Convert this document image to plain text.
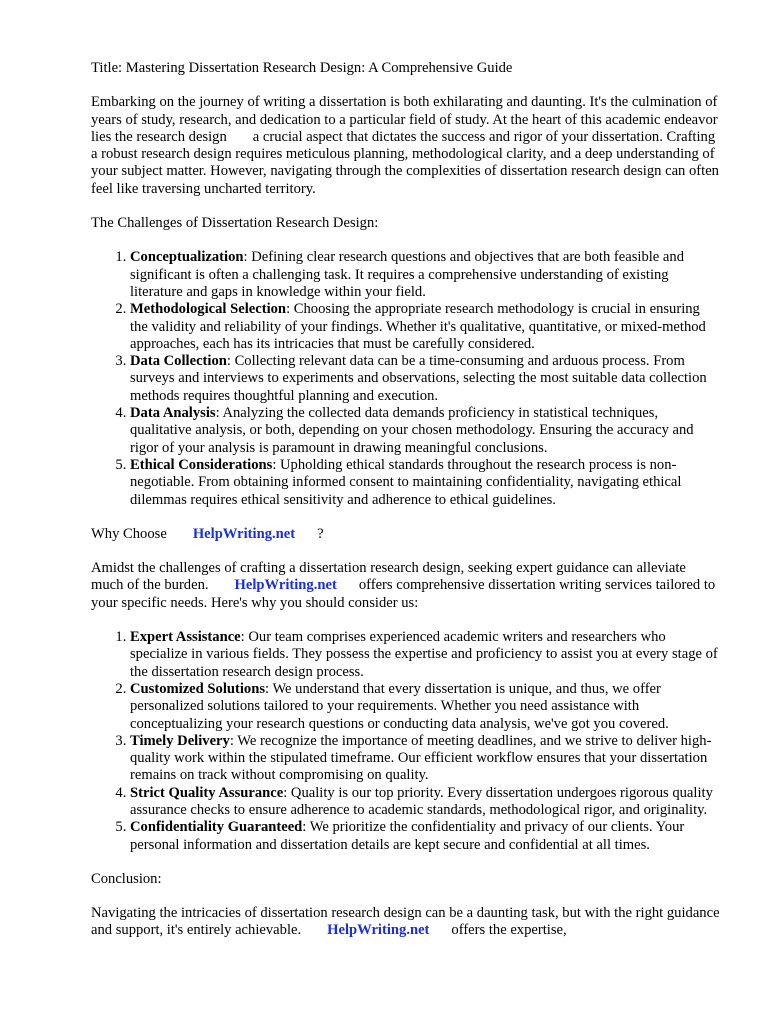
Title: Mastering Dissertation Research Design: A Comprehensive Guide

Embarking on the journey of writing a dissertation is both exhilarating and daunting. It's the culmination of years of study, research, and dedication to a particular field of study. At the heart of this academic endeavor lies the research design a crucial aspect that dictates the success and rigor of your dissertation. Crafting a robust research design requires meticulous planning, methodological clarity, and a deep understanding of your subject matter. However, navigating through the complexities of dissertation research design can often feel like traversing uncharted territory.

The Challenges of Dissertation Research Design:

1. Conceptualization: Defining clear research questions and objectives that are both feasible and significant is often a challenging task. It requires a comprehensive understanding of existing literature and gaps in knowledge within your field.
2. Methodological Selection: Choosing the appropriate research methodology is crucial in ensuring the validity and reliability of your findings. Whether it's qualitative, quantitative, or mixed-method approaches, each has its intricacies that must be carefully considered.
3. Data Collection: Collecting relevant data can be a time-consuming and arduous process. From surveys and interviews to experiments and observations, selecting the most suitable data collection methods requires thoughtful planning and execution.
4. Data Analysis: Analyzing the collected data demands proficiency in statistical techniques, qualitative analysis, or both, depending on your chosen methodology. Ensuring the accuracy and rigor of your analysis is paramount in drawing meaningful conclusions.
5. Ethical Considerations: Upholding ethical standards throughout the research process is non-negotiable. From obtaining informed consent to maintaining confidentiality, navigating ethical dilemmas requires ethical sensitivity and adherence to ethical guidelines.

Why Choose HelpWriting.net ?

Amidst the challenges of crafting a dissertation research design, seeking expert guidance can alleviate much of the burden. HelpWriting.net offers comprehensive dissertation writing services tailored to your specific needs. Here's why you should consider us:

1. Expert Assistance: Our team comprises experienced academic writers and researchers who specialize in various fields. They possess the expertise and proficiency to assist you at every stage of the dissertation research design process.
2. Customized Solutions: We understand that every dissertation is unique, and thus, we offer personalized solutions tailored to your requirements. Whether you need assistance with conceptualizing your research questions or conducting data analysis, we've got you covered.
3. Timely Delivery: We recognize the importance of meeting deadlines, and we strive to deliver high-quality work within the stipulated timeframe. Our efficient workflow ensures that your dissertation remains on track without compromising on quality.
4. Strict Quality Assurance: Quality is our top priority. Every dissertation undergoes rigorous quality assurance checks to ensure adherence to academic standards, methodological rigor, and originality.
5. Confidentiality Guaranteed: We prioritize the confidentiality and privacy of our clients. Your personal information and dissertation details are kept secure and confidential at all times.

Conclusion:

Navigating the intricacies of dissertation research design can be a daunting task, but with the right guidance and support, it's entirely achievable. HelpWriting.net offers the expertise,
